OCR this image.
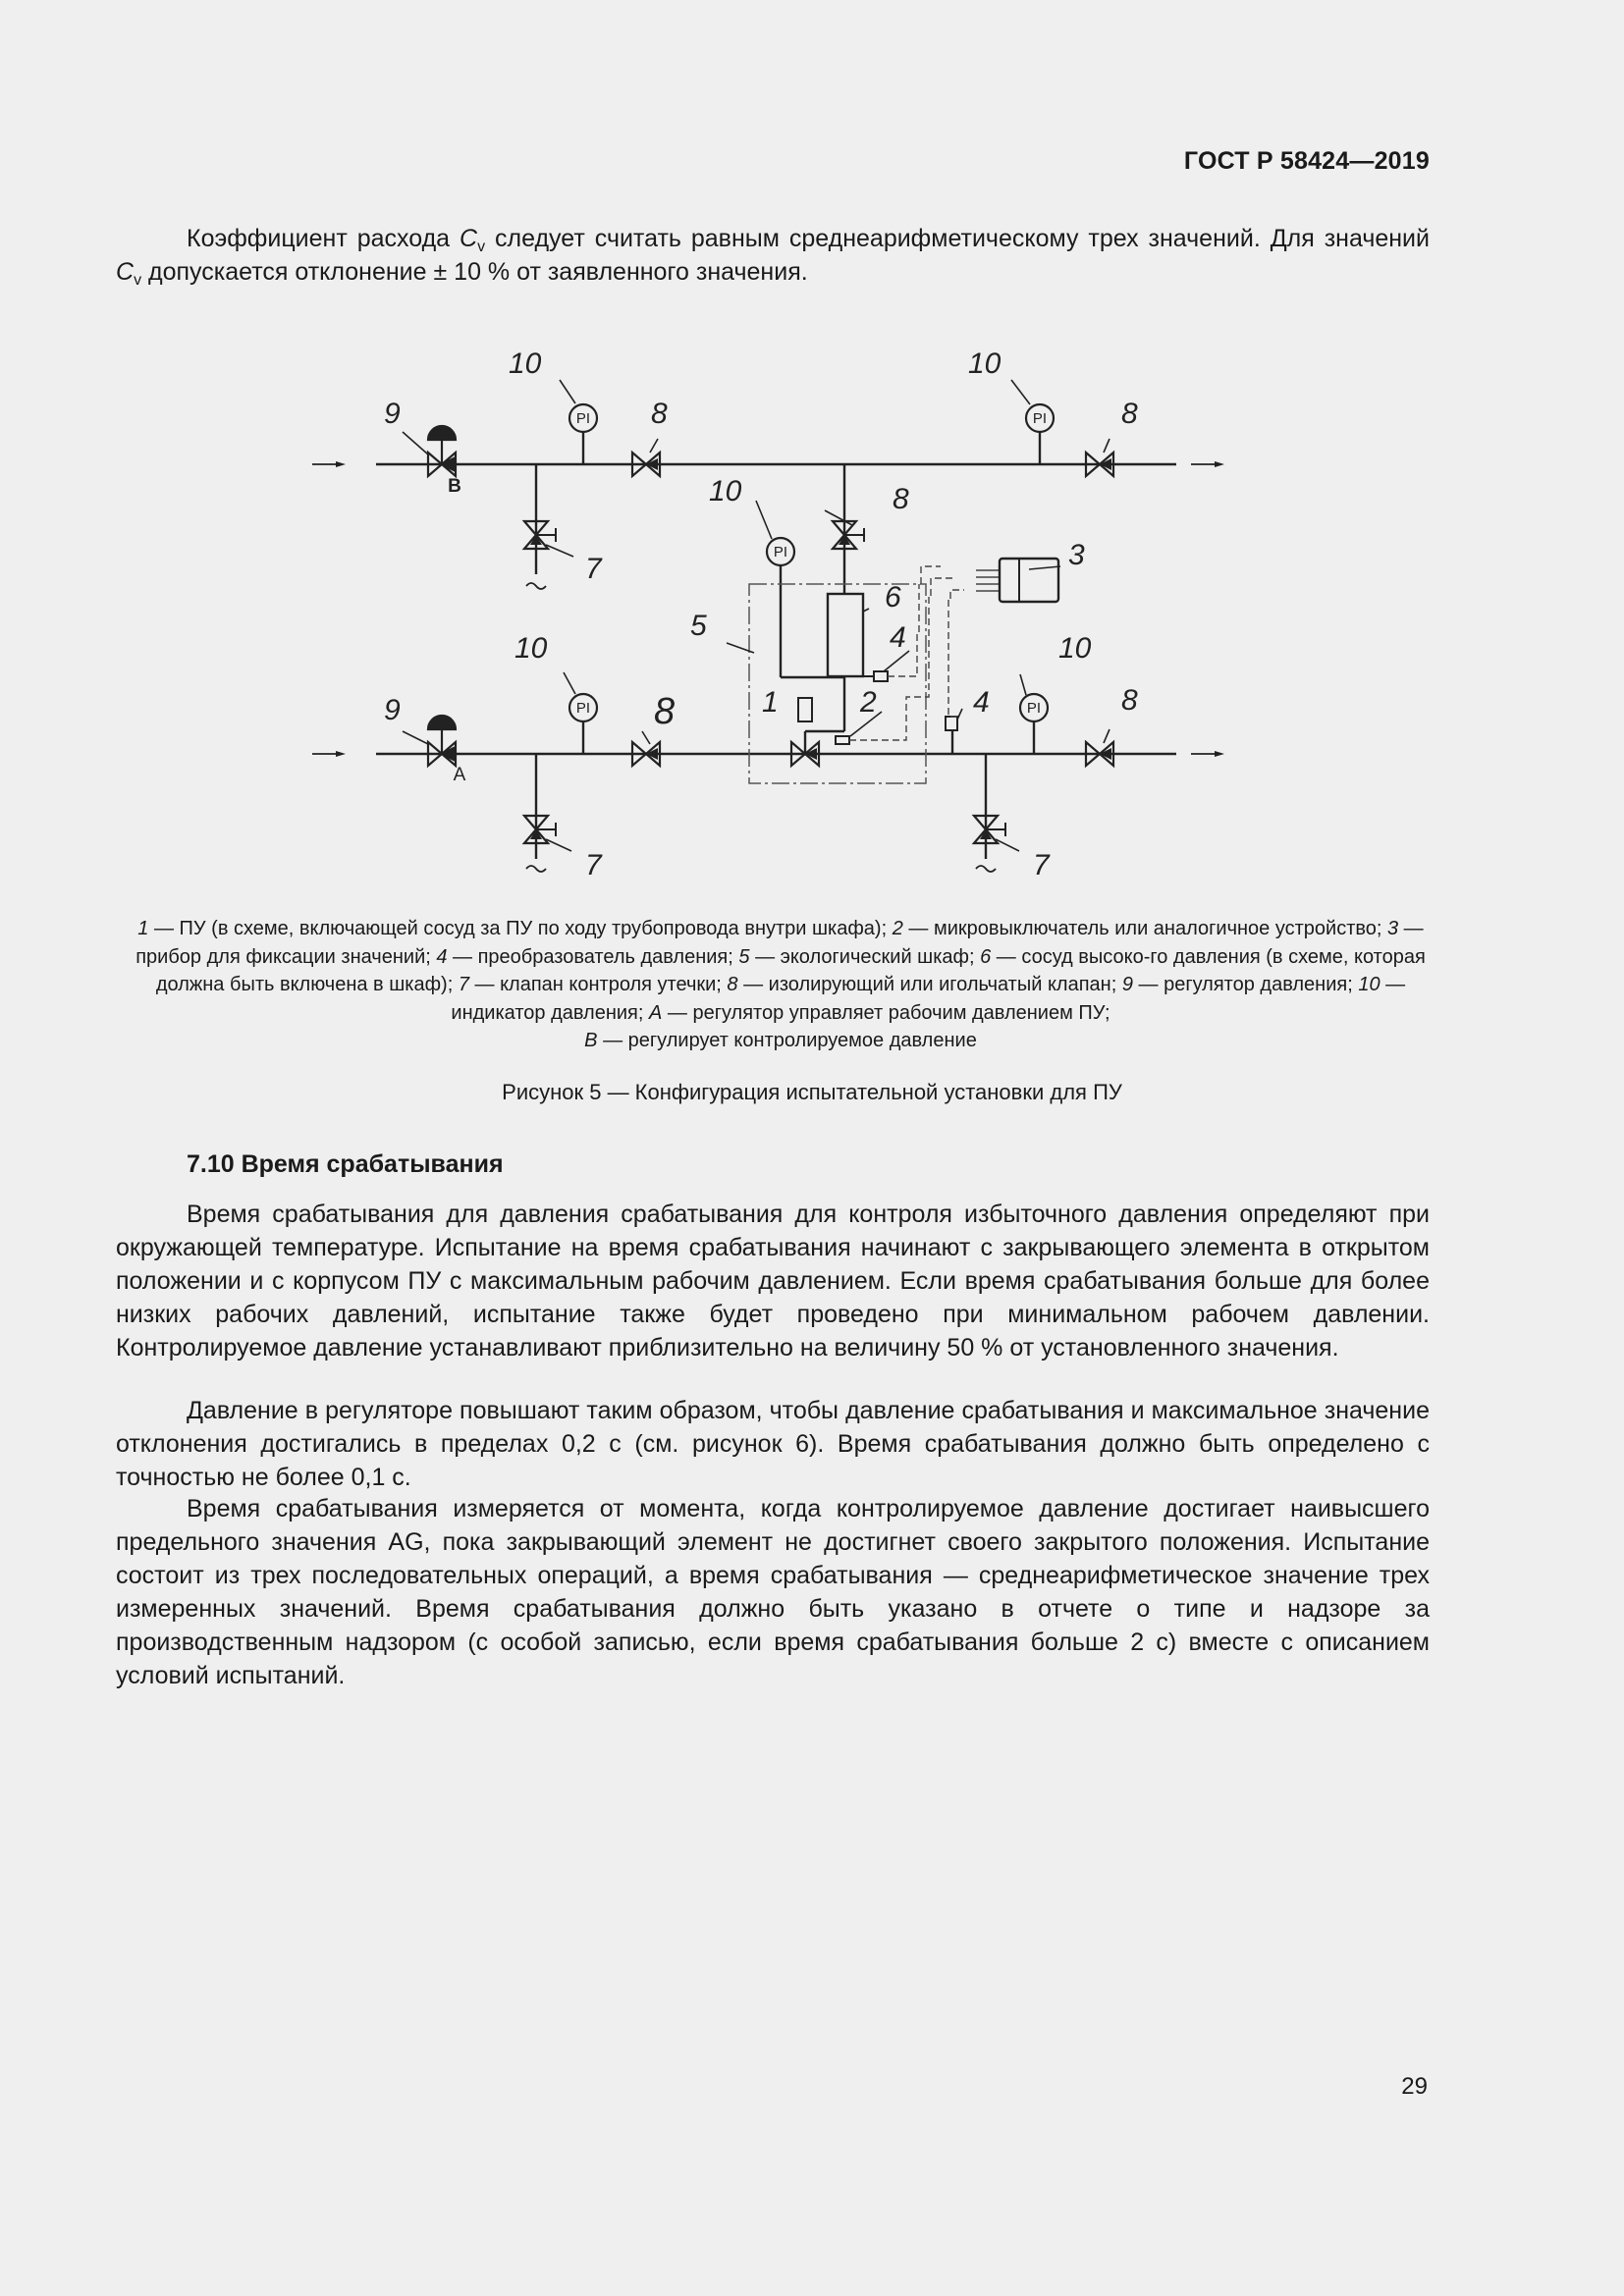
ГОСТ Р 58424—2019
Коэффициент расхода $C_v$ следует считать равным среднеарифметическому трех значений. Для значений $C_v$ допускается отклонение ± 10 % от заявленного значения.
PI	PI
PI
PI	PI
10	10
10
10	10
9
9
8	8
8
8
8
7
7	7
6
5	4
4
3
2
1
B
A
1 — ПУ (в схеме, включающей сосуд за ПУ по ходу трубопровода внутри шкафа); 2 — микровыключатель или аналогичное устройство; 3 — прибор для фиксации значений; 4 — преобразователь давления; 5 — экологический шкаф; 6 — сосуд высоко-го давления (в схеме, которая должна быть включена в шкаф); 7 — клапан контроля утечки; 8 — изолирующий или игольчатый клапан; 9 — регулятор давления; 10 — индикатор давления; А — регулятор управляет рабочим давлением ПУ;
В — регулирует контролируемое давление
Рисунок 5 — Конфигурация испытательной установки для ПУ
7.10 Время срабатывания
Время срабатывания для давления срабатывания для контроля избыточного давления определяют при окружающей температуре. Испытание на время срабатывания начинают с закрывающего элемента в открытом положении и с корпусом ПУ с максимальным рабочим давлением. Если время срабатывания больше для более низких рабочих давлений, испытание также будет проведено при минимальном рабочем давлении. Контролируемое давление устанавливают приблизительно на величину 50 % от установленного значения.
Давление в регуляторе повышают таким образом, чтобы давление срабатывания и максимальное значение отклонения достигались в пределах 0,2 с (см. рисунок 6). Время срабатывания должно быть определено с точностью не более 0,1 с.
Время срабатывания измеряется от момента, когда контролируемое давление достигает наивысшего предельного значения AG, пока закрывающий элемент не достигнет своего закрытого положения. Испытание состоит из трех последовательных операций, а время срабатывания — среднеарифметическое значение трех измеренных значений. Время срабатывания должно быть указано в отчете о типе и надзоре за производственным надзором (с особой записью, если время срабатывания больше 2 с) вместе с описанием условий испытаний.
29
